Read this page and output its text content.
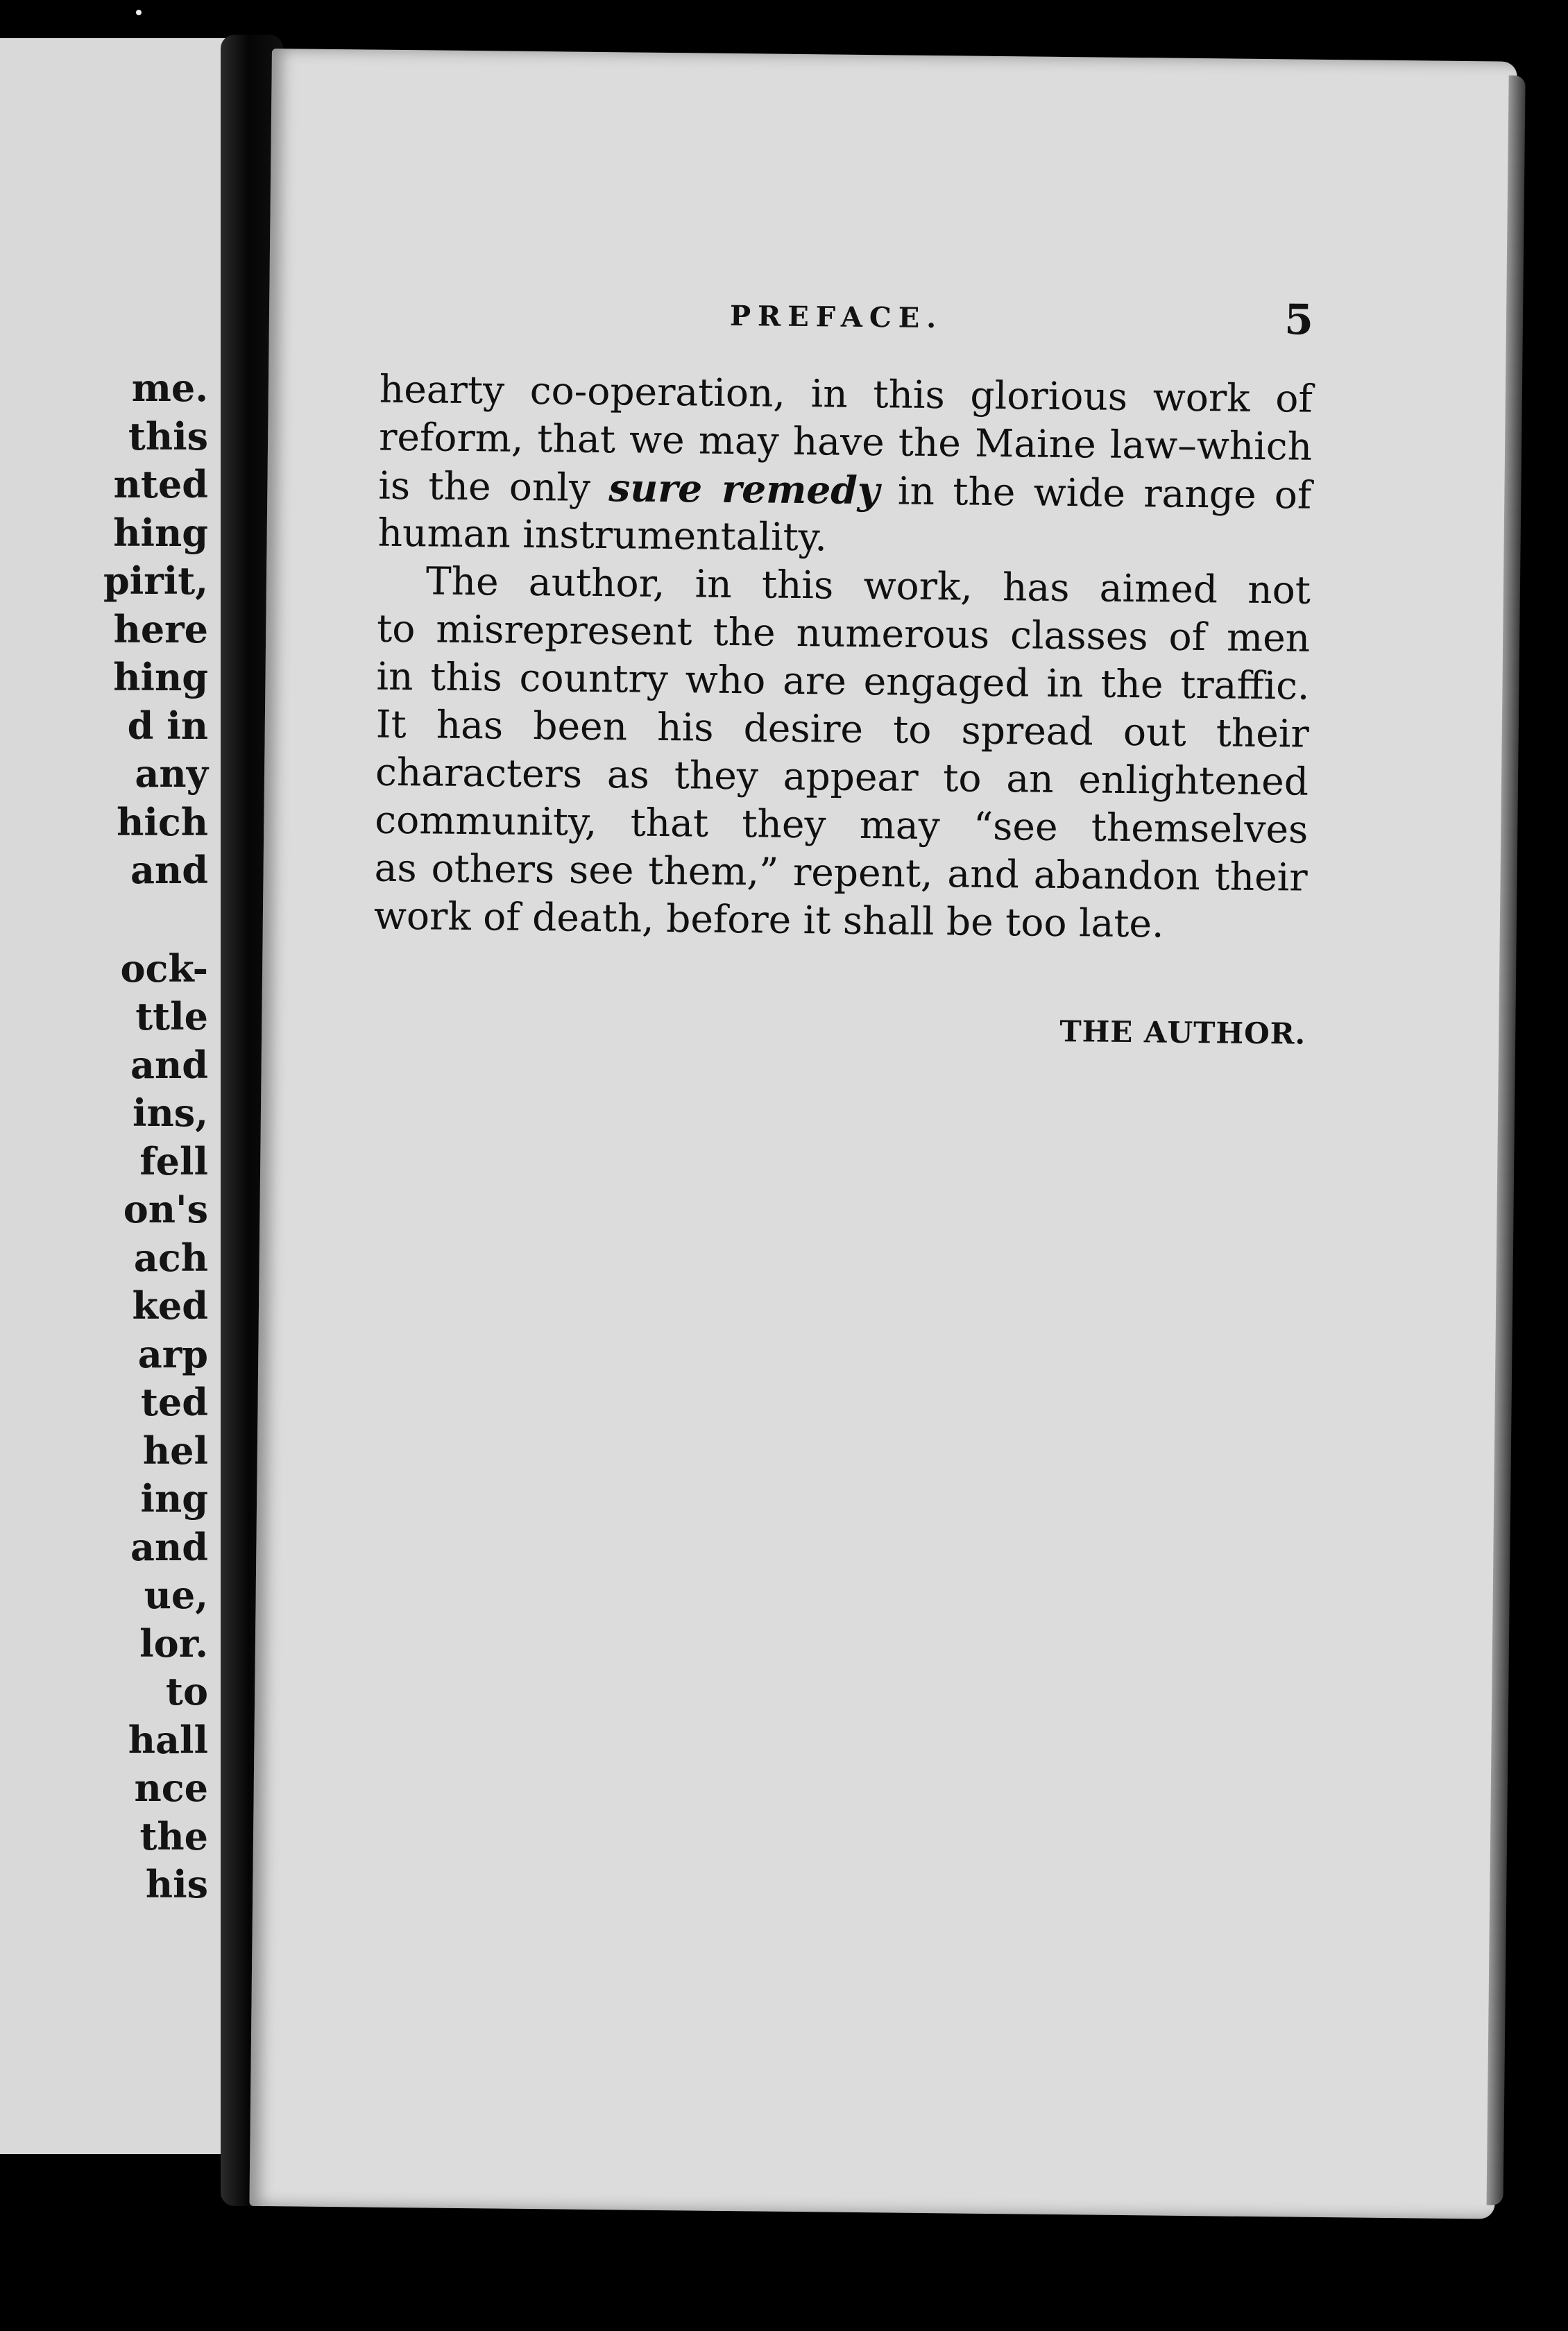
me.
this
nted
hing
pirit,
here
hing
d in
any
hich
and
ock-
ttle
and
ins,
fell
on's
ach
ked
arp
ted
hel
ing
and
ue,
lor.
to
hall
nce
the
his
PREFACE.	5
hearty co-operation, in this glorious work of
reform, that we may have the Maine law–which
is the only sure remedy in the wide range of
human instrumentality.
The author, in this work, has aimed not
to misrepresent the numerous classes of men
in this country who are engaged in the traffic.
It has been his desire to spread out their
characters as they appear to an enlightened
community, that they may “see themselves
as others see them,” repent, and abandon their
work of death, before it shall be too late.
THE AUTHOR.
